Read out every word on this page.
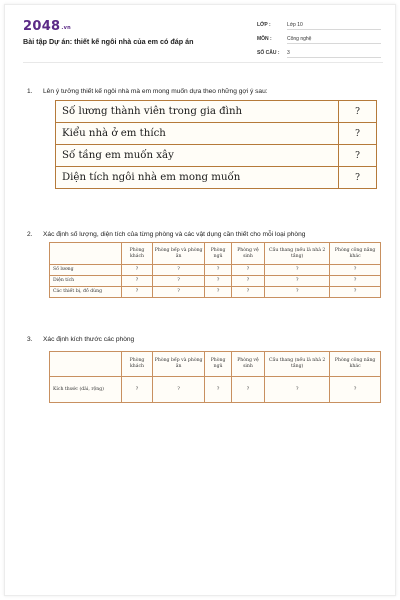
$2048^{.vn}$
Bài tập Dự án: thiết kế ngôi nhà của em có đáp án
LỚP :	Lớp 10
MÔN :	Công nghệ
SỐ CÂU : 3
1. Lên ý tưởng thiết kế ngôi nhà mà em mong muốn dựa theo những gợi ý sau:
Số lương thành viên trong gia đình	?
Kiểu nhà ở em thích	?
Số tầng em muốn xây	?
Diện tích ngôi nhà em mong muốn	?
2. Xác định số lượng, diện tích của từng phòng và các vật dụng cần thiết cho mỗi loại phòng
	Phòng khách	Phòng bếp và phòng ăn	Phòng ngủ	Phòng vệ sinh	Cầu thang (nếu là nhà 2 tầng)	Phòng công năng khác
Số lương	?	?	?	?	?	?
Diện tích	?	?	?	?	?	?
Các thiết bị, đồ dùng	?	?	?	?	?	?
3. Xác định kích thước các phòng
	Phòng khách	Phòng bếp và phòng ăn	Phòng ngủ	Phòng vệ sinh	Cầu thang (nếu là nhà 2 tầng)	Phòng công năng khác
Kích thước (dài, rộng)	?	?	?	?	?	?
